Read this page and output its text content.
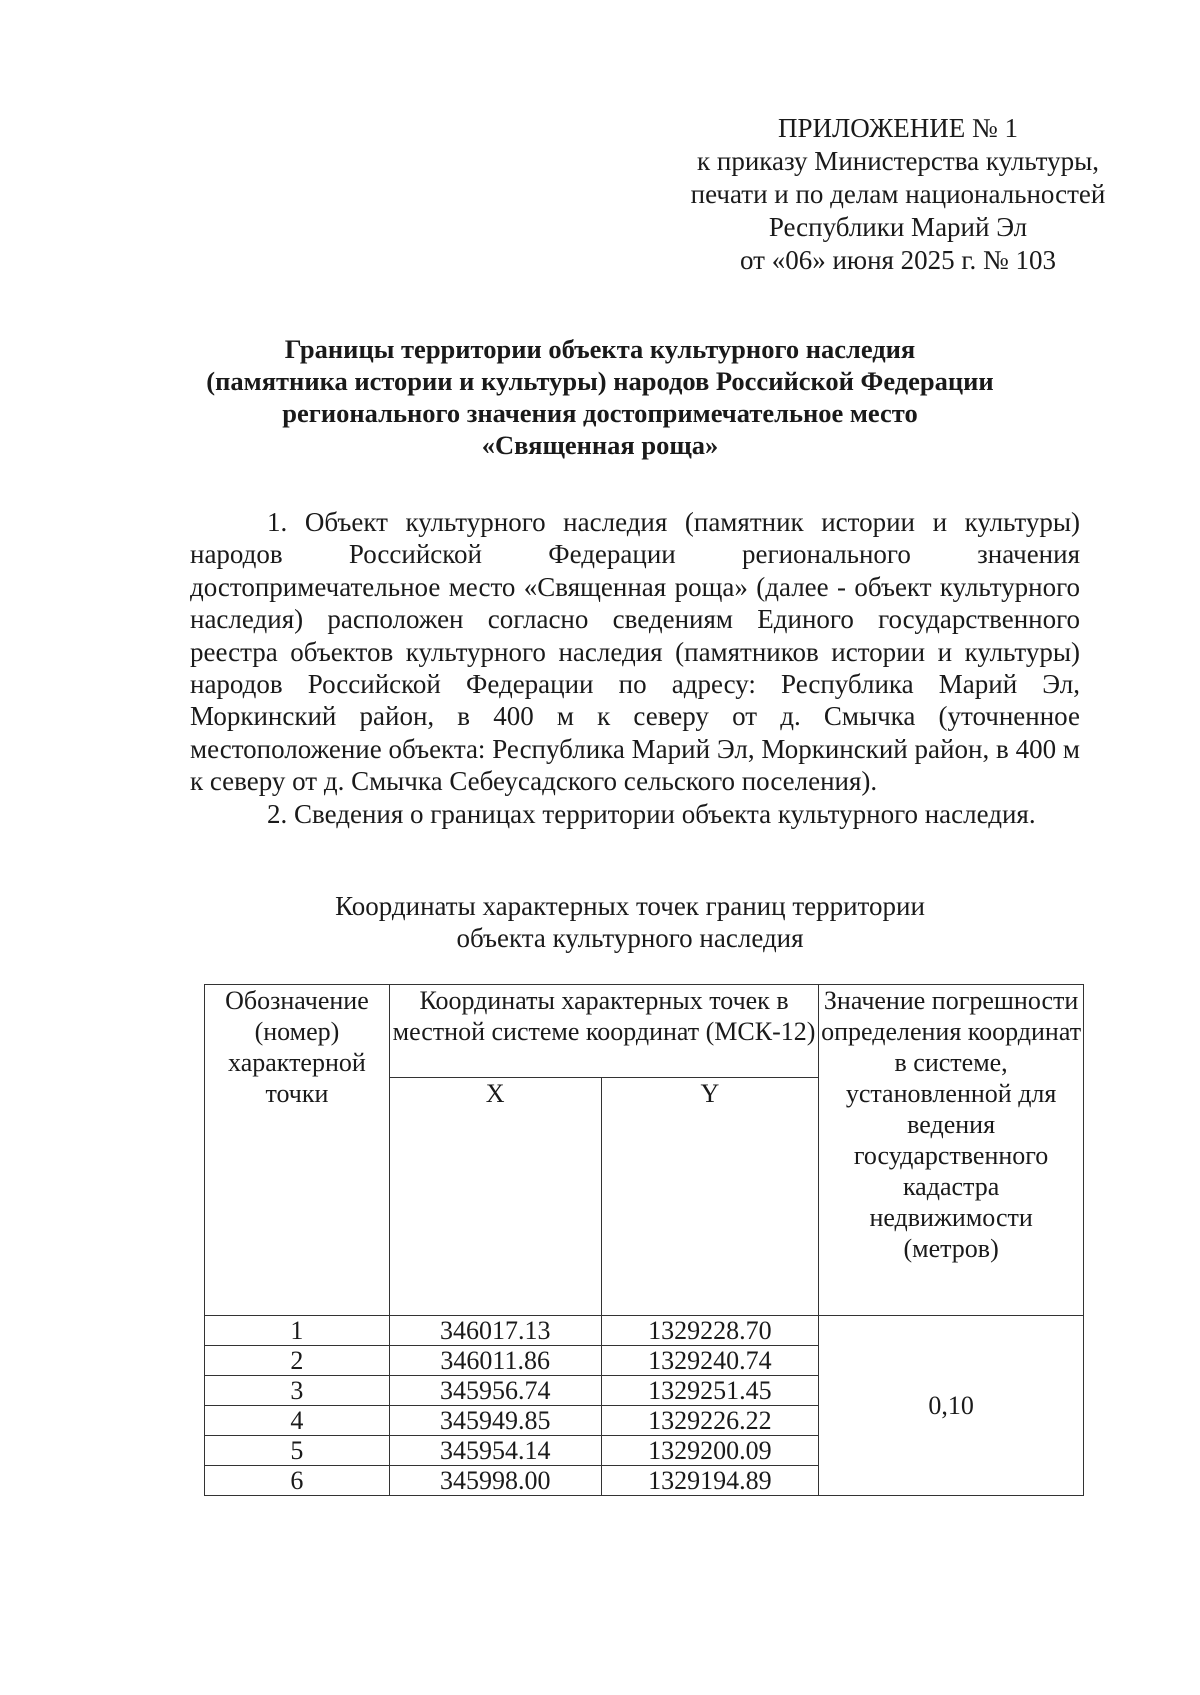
ПРИЛОЖЕНИЕ № 1
к приказу Министерства культуры,
печати и по делам национальностей
Республики Марий Эл
от «06» июня 2025 г. № 103
Границы территории объекта культурного наследия
(памятника истории и культуры) народов Российской Федерации
регионального значения достопримечательное место
«Священная роща»

1. Объект культурного наследия (памятник истории и культуры) народов Российской Федерации регионального значения достопримечательное место «Священная роща» (далее - объект культурного наследия) расположен согласно сведениям Единого государственного реестра объектов культурного наследия (памятников истории и культуры) народов Российской Федерации по адресу: Республика Марий Эл, Моркинский район, в 400 м к северу от д. Смычка (уточненное местоположение объекта: Республика Марий Эл, Моркинский район, в 400 м к северу от д. Смычка Себеусадского сельского поселения).

2. Сведения о границах территории объекта культурного наследия.

Координаты характерных точек границ территории
объекта культурного наследия
Обозначение (номер) характерной точки	Координаты характерных точек в местной системе координат (МСК-12)		Значение погрешности определения координат в системе, установленной для ведения государственного кадастра недвижимости (метров)
	X	Y	
1	346017.13	1329228.70	0,10
2	346011.86	1329240.74	
3	345956.74	1329251.45	
4	345949.85	1329226.22	
5	345954.14	1329200.09	
6	345998.00	1329194.89	
